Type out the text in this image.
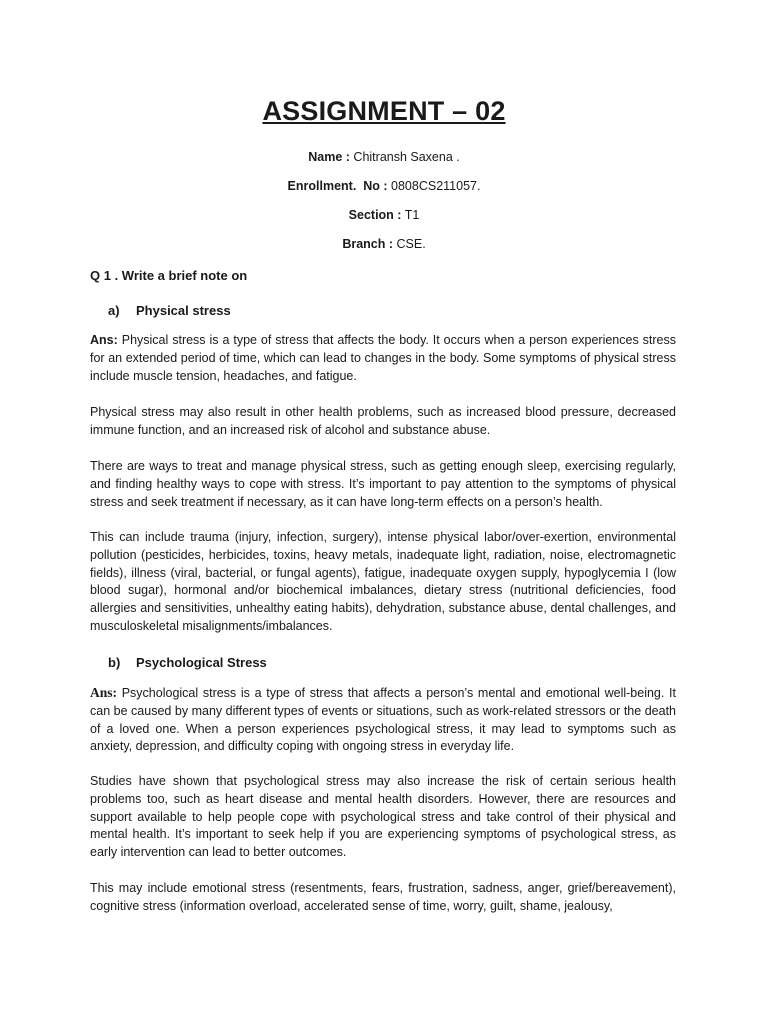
ASSIGNMENT – 02
Name : Chitransh Saxena .
Enrollment.  No : 0808CS211057.
Section : T1
Branch : CSE.
Q 1 . Write a brief note on
a) Physical stress

Ans: Physical stress is a type of stress that affects the body. It occurs when a person experiences stress for an extended period of time, which can lead to changes in the body. Some symptoms of physical stress include muscle tension, headaches, and fatigue.

Physical stress may also result in other health problems, such as increased blood pressure, decreased immune function, and an increased risk of alcohol and substance abuse.

There are ways to treat and manage physical stress, such as getting enough sleep, exercising regularly, and finding healthy ways to cope with stress. It’s important to pay attention to the symptoms of physical stress and seek treatment if necessary, as it can have long-term effects on a person’s health.

This can include trauma (injury, infection, surgery), intense physical labor/over-exertion, environmental pollution (pesticides, herbicides, toxins, heavy metals, inadequate light, radiation, noise, electromagnetic fields), illness (viral, bacterial, or fungal agents), fatigue, inadequate oxygen supply, hypoglycemia I (low blood sugar), hormonal and/or biochemical imbalances, dietary stress (nutritional deficiencies, food allergies and sensitivities, unhealthy eating habits), dehydration, substance abuse, dental challenges, and musculoskeletal misalignments/imbalances.

b) Psychological Stress

Ans: Psychological stress is a type of stress that affects a person’s mental and emotional well-being. It can be caused by many different types of events or situations, such as work-related stressors or the death of a loved one. When a person experiences psychological stress, it may lead to symptoms such as anxiety, depression, and difficulty coping with ongoing stress in everyday life.

Studies have shown that psychological stress may also increase the risk of certain serious health problems too, such as heart disease and mental health disorders. However, there are resources and support available to help people cope with psychological stress and take control of their physical and mental health. It’s important to seek help if you are experiencing symptoms of psychological stress, as early intervention can lead to better outcomes.

This may include emotional stress (resentments, fears, frustration, sadness, anger, grief/bereavement), cognitive stress (information overload, accelerated sense of time, worry, guilt, shame, jealousy,
